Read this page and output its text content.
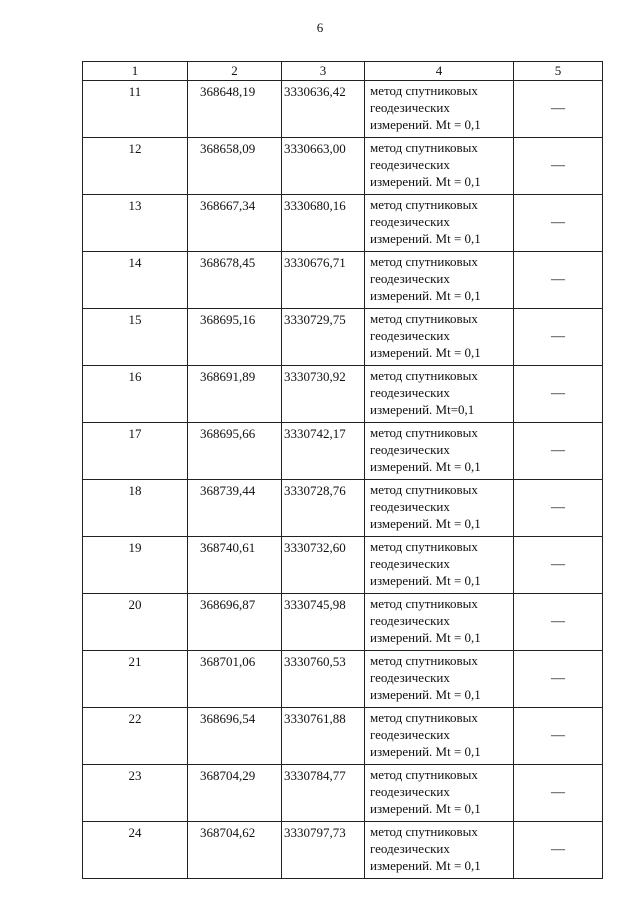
6
1	2	3	4	5
11	368648,19	3330636,42	метод спутниковых
геодезических
измерений. Mt = 0,1	—
12	368658,09	3330663,00	метод спутниковых
геодезических
измерений. Mt = 0,1	—
13	368667,34	3330680,16	метод спутниковых
геодезических
измерений. Mt = 0,1	—
14	368678,45	3330676,71	метод спутниковых
геодезических
измерений. Mt = 0,1	—
15	368695,16	3330729,75	метод спутниковых
геодезических
измерений. Mt = 0,1	—
16	368691,89	3330730,92	метод спутниковых
геодезических
измерений. Mt=0,1	—
17	368695,66	3330742,17	метод спутниковых
геодезических
измерений. Mt = 0,1	—
18	368739,44	3330728,76	метод спутниковых
геодезических
измерений. Mt = 0,1	—
19	368740,61	3330732,60	метод спутниковых
геодезических
измерений. Mt = 0,1	—
20	368696,87	3330745,98	метод спутниковых
геодезических
измерений. Mt = 0,1	—
21	368701,06	3330760,53	метод спутниковых
геодезических
измерений. Mt = 0,1	—
22	368696,54	3330761,88	метод спутниковых
геодезических
измерений. Mt = 0,1	—
23	368704,29	3330784,77	метод спутниковых
геодезических
измерений. Mt = 0,1	—
24	368704,62	3330797,73	метод спутниковых
геодезических
измерений. Mt = 0,1	—
